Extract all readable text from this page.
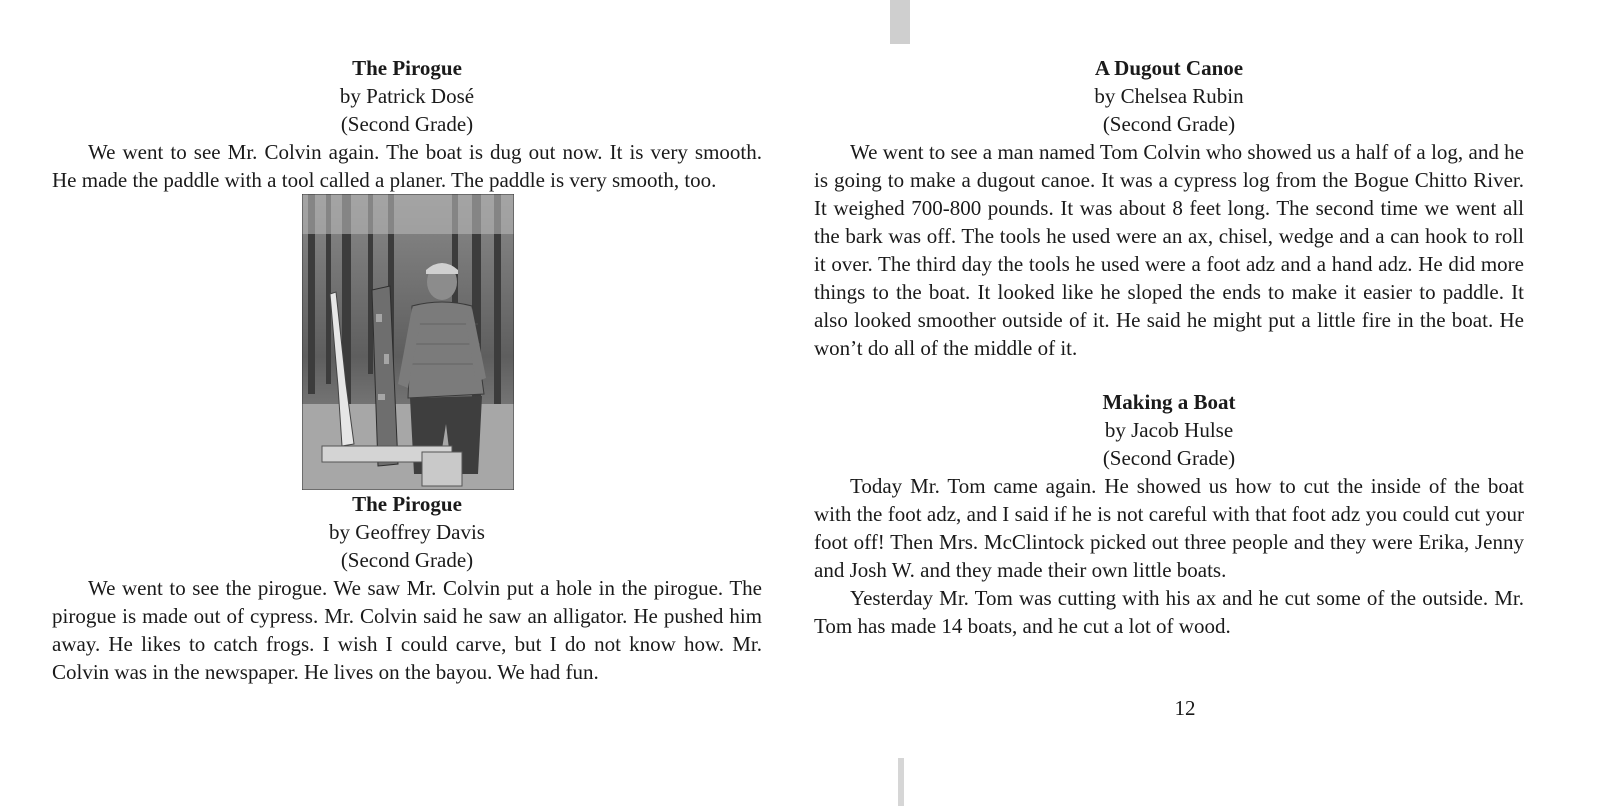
The Pirogue
by Patrick Dosé
(Second Grade)

We went to see Mr. Colvin again. The boat is dug out now. It is very smooth. He made the paddle with a tool called a planer. The paddle is very smooth, too.

The Pirogue
by Geoffrey Davis
(Second Grade)

We went to see the pirogue. We saw Mr. Colvin put a hole in the pirogue. The pirogue is made out of cypress. Mr. Colvin said he saw an alligator. He pushed him away. He likes to catch frogs. I wish I could carve, but I do not know how. Mr. Colvin was in the newspaper. He lives on the bayou. We had fun.

A Dugout Canoe
by Chelsea Rubin
(Second Grade)

We went to see a man named Tom Colvin who showed us a half of a log, and he is going to make a dugout canoe. It was a cypress log from the Bogue Chitto River. It weighed 700-800 pounds. It was about 8 feet long. The second time we went all the bark was off. The tools he used were an ax, chisel, wedge and a can hook to roll it over. The third day the tools he used were a foot adz and a hand adz. He did more things to the boat. It looked like he sloped the ends to make it easier to paddle. It also looked smoother outside of it. He said he might put a little fire in the boat. He won’t do all of the middle of it.

Making a Boat
by Jacob Hulse
(Second Grade)

Today Mr. Tom came again. He showed us how to cut the inside of the boat with the foot adz, and I said if he is not careful with that foot adz you could cut your foot off! Then Mrs. McClintock picked out three people and they were Erika, Jenny and Josh W. and they made their own little boats.

Yesterday Mr. Tom was cutting with his ax and he cut some of the outside. Mr. Tom has made 14 boats, and he cut a lot of wood.

12
